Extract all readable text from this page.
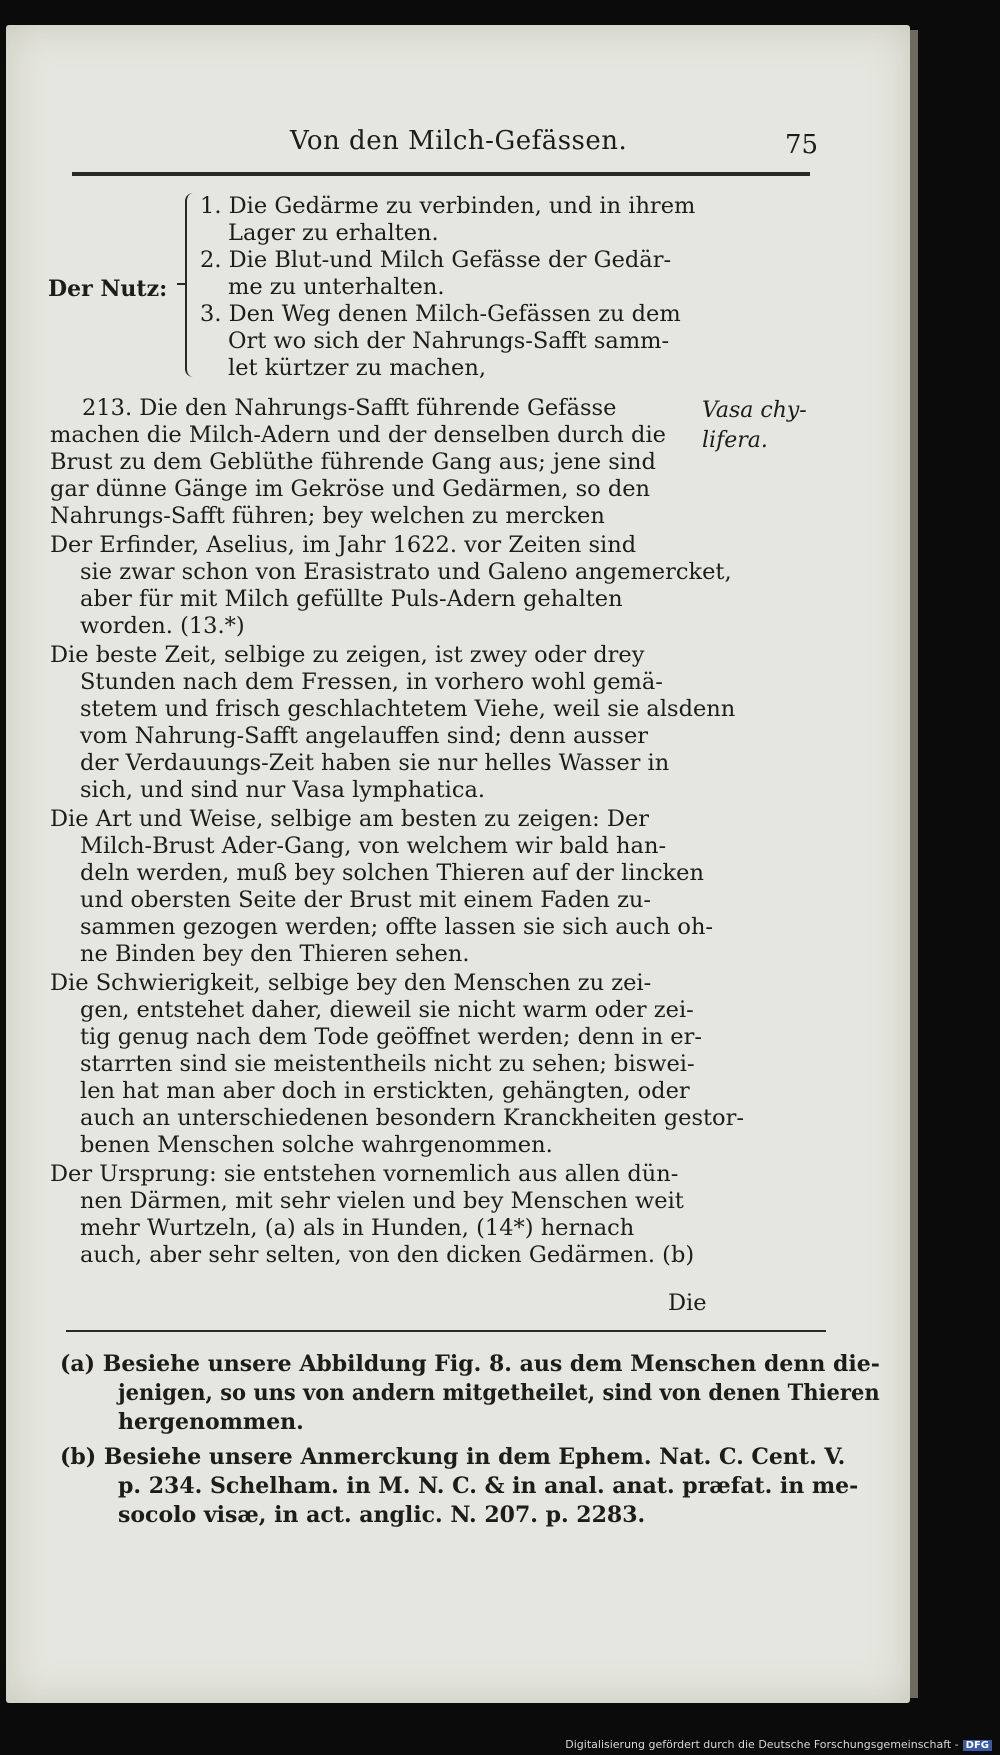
Von den Milch-Gefässen.	75
Der Nutz:
1. Die Gedärme zu verbinden, und in ihrem
Lager zu erhalten.
2. Die Blut-und Milch Gefässe der Gedär-
me zu unterhalten.
3. Den Weg denen Milch-Gefässen zu dem
Ort wo sich der Nahrungs-Safft samm-
let kürtzer zu machen,
Vasa chy-
lifera.
213. Die den Nahrungs-Safft führende Gefässe
machen die Milch-Adern und der denselben durch die
Brust zu dem Geblüthe führende Gang aus; jene sind
gar dünne Gänge im Gekröse und Gedärmen, so den
Nahrungs-Safft führen; bey welchen zu mercken
Der Erfinder, Aselius, im Jahr 1622. vor Zeiten sind
sie zwar schon von Erasistrato und Galeno angemercket,
aber für mit Milch gefüllte Puls-Adern gehalten
worden. (13.*)
Die beste Zeit, selbige zu zeigen, ist zwey oder drey
Stunden nach dem Fressen, in vorhero wohl gemä-
stetem und frisch geschlachtetem Viehe, weil sie alsdenn
vom Nahrung-Safft angelauffen sind; denn ausser
der Verdauungs-Zeit haben sie nur helles Wasser in
sich, und sind nur Vasa lymphatica.
Die Art und Weise, selbige am besten zu zeigen: Der
Milch-Brust Ader-Gang, von welchem wir bald han-
deln werden, muß bey solchen Thieren auf der lincken
und obersten Seite der Brust mit einem Faden zu-
sammen gezogen werden; offte lassen sie sich auch oh-
ne Binden bey den Thieren sehen.
Die Schwierigkeit, selbige bey den Menschen zu zei-
gen, entstehet daher, dieweil sie nicht warm oder zei-
tig genug nach dem Tode geöffnet werden; denn in er-
starrten sind sie meistentheils nicht zu sehen; biswei-
len hat man aber doch in erstickten, gehängten, oder
auch an unterschiedenen besondern Kranckheiten gestor-
benen Menschen solche wahrgenommen.
Der Ursprung: sie entstehen vornemlich aus allen dün-
nen Därmen, mit sehr vielen und bey Menschen weit
mehr Wurtzeln, (a) als in Hunden, (14*) hernach
auch, aber sehr selten, von den dicken Gedärmen. (b)
Die
(a) Besiehe unsere Abbildung Fig. 8. aus dem Menschen denn die-
jenigen, so uns von andern mitgetheilet, sind von denen Thieren
hergenommen.
(b) Besiehe unsere Anmerckung in dem Ephem. Nat. C. Cent. V.
p. 234. Schelham. in M. N. C. & in anal. anat. præfat. in me-
socolo visæ, in act. anglic. N. 207. p. 2283.
Digitalisierung gefördert durch die Deutsche Forschungsgemeinschaft - DFG
